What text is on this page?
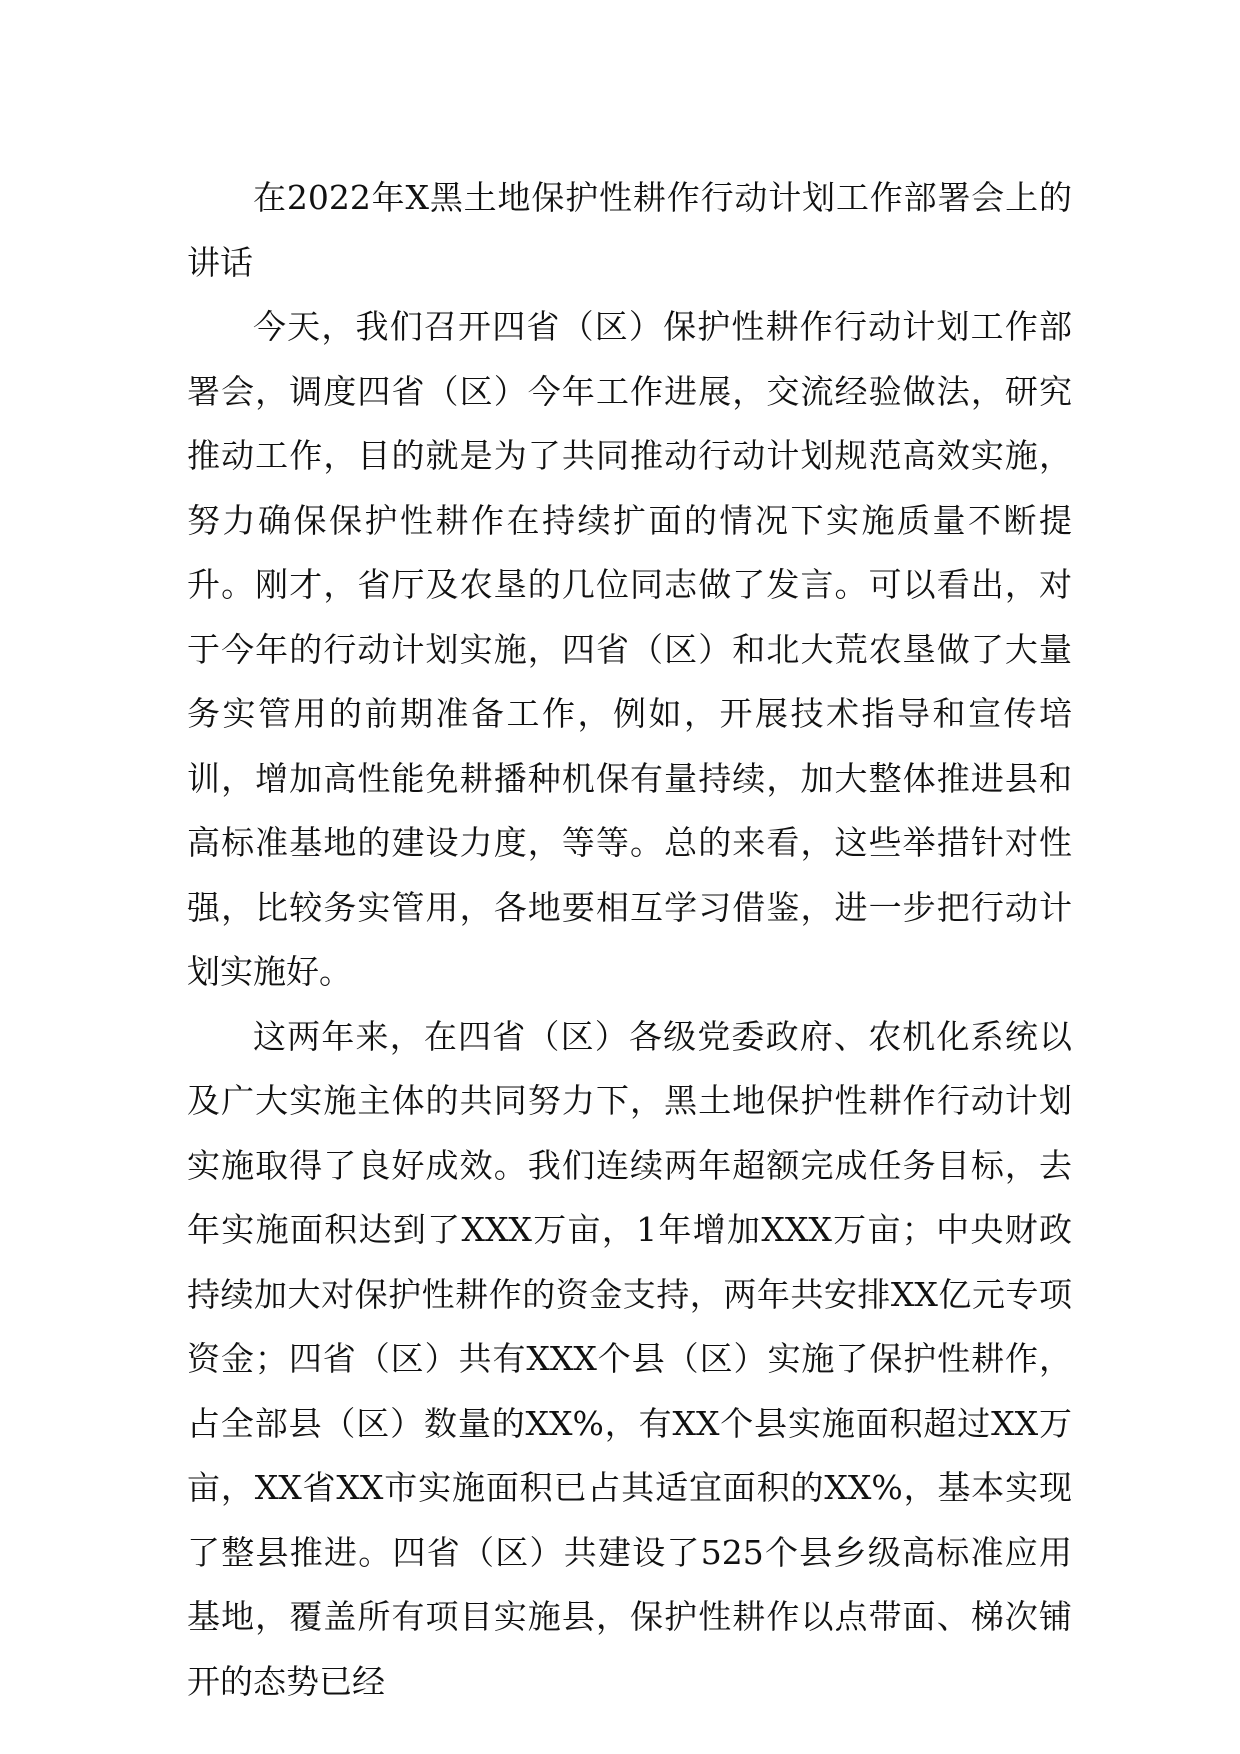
在2022年X黑土地保护性耕作行动计划工作部署会上的讲话

今天，我们召开四省（区）保护性耕作行动计划工作部署会，调度四省（区）今年工作进展，交流经验做法，研究推动工作，目的就是为了共同推动行动计划规范高效实施，努力确保保护性耕作在持续扩面的情况下实施质量不断提升。刚才，省厅及农垦的几位同志做了发言。可以看出，对于今年的行动计划实施，四省（区）和北大荒农垦做了大量务实管用的前期准备工作，例如，开展技术指导和宣传培训，增加高性能免耕播种机保有量持续，加大整体推进县和高标准基地的建设力度，等等。总的来看，这些举措针对性强，比较务实管用，各地要相互学习借鉴，进一步把行动计划实施好。

这两年来，在四省（区）各级党委政府、农机化系统以及广大实施主体的共同努力下，黑土地保护性耕作行动计划实施取得了良好成效。我们连续两年超额完成任务目标，去年实施面积达到了XXX万亩，1年增加XXX万亩；中央财政持续加大对保护性耕作的资金支持，两年共安排XX亿元专项资金；四省（区）共有XXX个县（区）实施了保护性耕作，占全部县（区）数量的XX%，有XX个县实施面积超过XX万亩，XX省XX市实施面积已占其适宜面积的XX%，基本实现了整县推进。四省（区）共建设了525个县乡级高标准应用基地，覆盖所有项目实施县，保护性耕作以点带面、梯次铺开的态势已经
